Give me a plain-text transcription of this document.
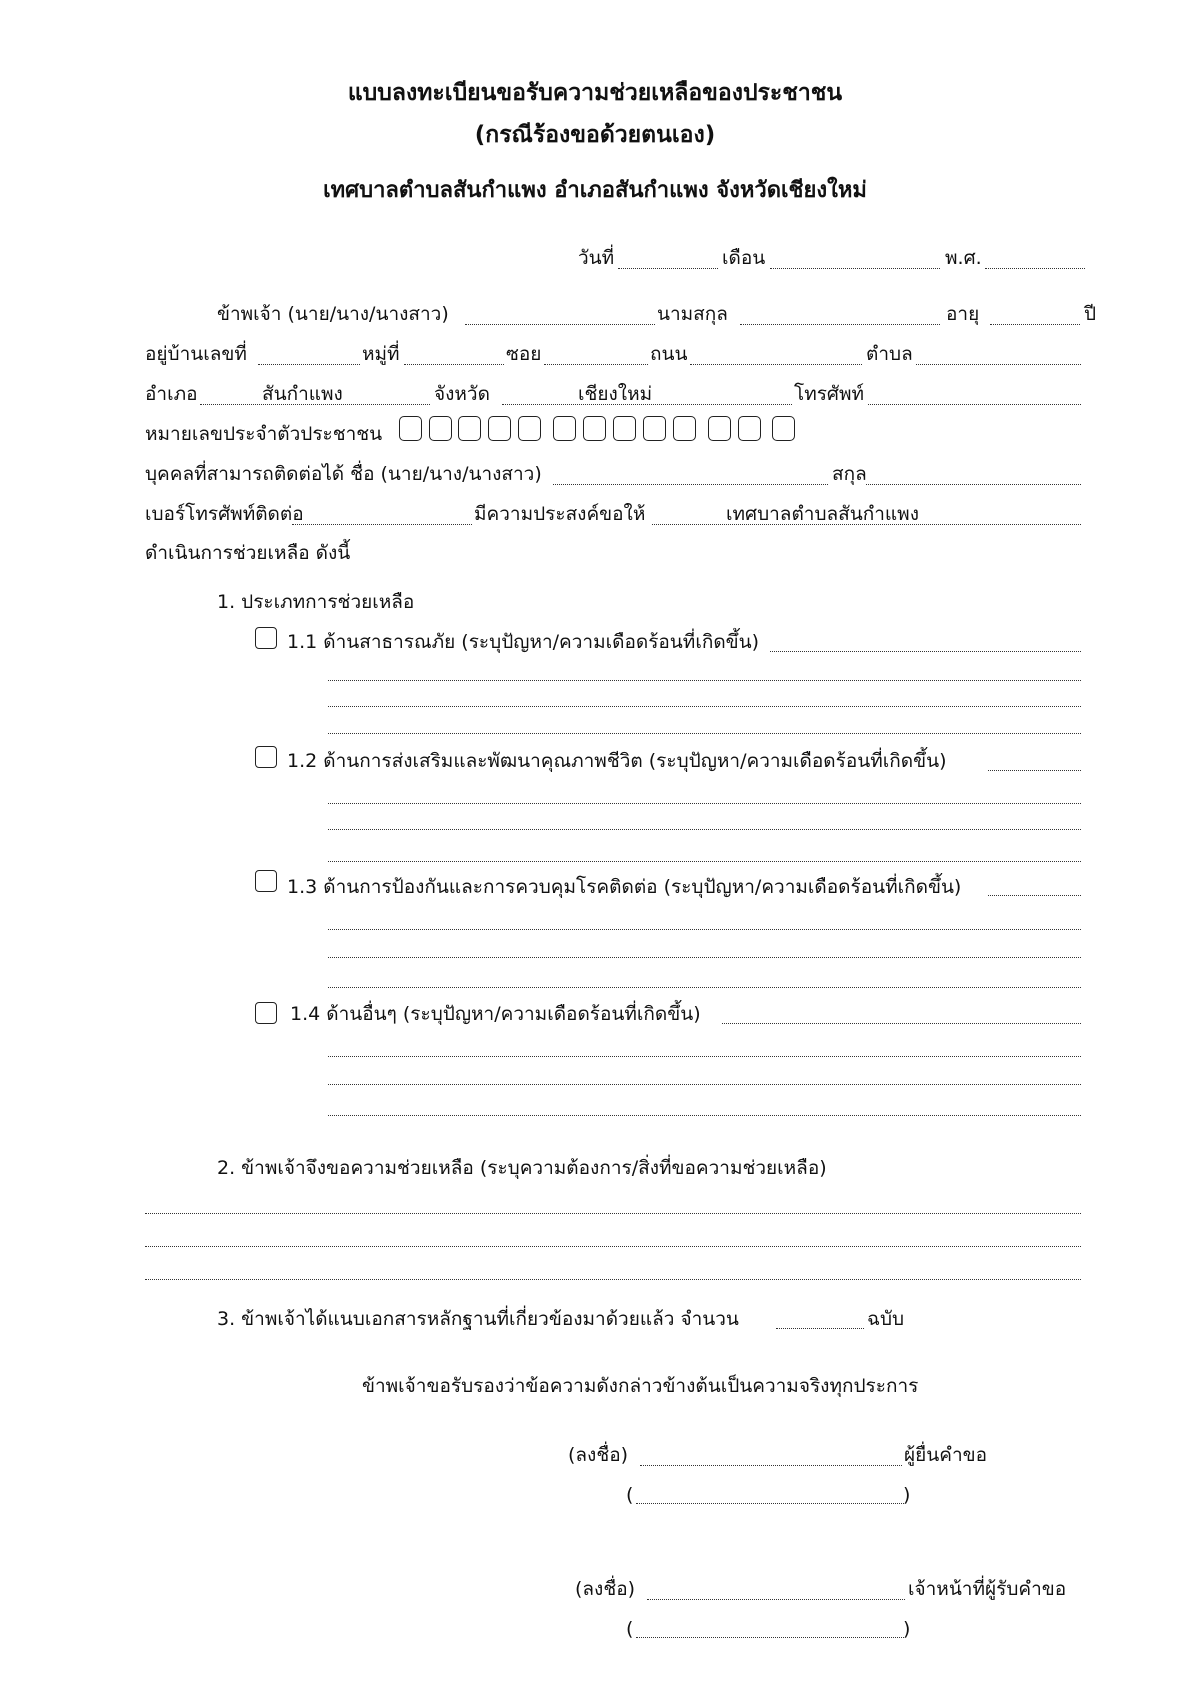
แบบลงทะเบียนขอรับความช่วยเหลือของประชาชน
(กรณีร้องขอด้วยตนเอง)
เทศบาลตำบลสันกำแพง อำเภอสันกำแพง จังหวัดเชียงใหม่
วันที่	เดือน	พ.ศ.
ข้าพเจ้า (นาย/นาง/นางสาว)	นามสกุล	อายุ	ปี
อยู่บ้านเลขที่	หมู่ที่	ซอย	ถนน	ตำบล
อำเภอ	สันกำแพง	จังหวัด	เชียงใหม่	โทรศัพท์
หมายเลขประจำตัวประชาชน
บุคคลที่สามารถติดต่อได้ ชื่อ (นาย/นาง/นางสาว)	สกุล
เบอร์โทรศัพท์ติดต่อ	มีความประสงค์ขอให้	เทศบาลตำบลสันกำแพง
ดำเนินการช่วยเหลือ ดังนี้
1. ประเภทการช่วยเหลือ
1.1 ด้านสาธารณภัย (ระบุปัญหา/ความเดือดร้อนที่เกิดขึ้น)
1.2 ด้านการส่งเสริมและพัฒนาคุณภาพชีวิต (ระบุปัญหา/ความเดือดร้อนที่เกิดขึ้น)
1.3 ด้านการป้องกันและการควบคุมโรคติดต่อ (ระบุปัญหา/ความเดือดร้อนที่เกิดขึ้น)
1.4 ด้านอื่นๆ (ระบุปัญหา/ความเดือดร้อนที่เกิดขึ้น)
2. ข้าพเจ้าจึงขอความช่วยเหลือ (ระบุความต้องการ/สิ่งที่ขอความช่วยเหลือ)
3. ข้าพเจ้าได้แนบเอกสารหลักฐานที่เกี่ยวข้องมาด้วยแล้ว จำนวน	ฉบับ
ข้าพเจ้าขอรับรองว่าข้อความดังกล่าวข้างต้นเป็นความจริงทุกประการ
(ลงชื่อ)	ผู้ยื่นคำขอ
(	)
(ลงชื่อ)	เจ้าหน้าที่ผู้รับคำขอ
(	)
